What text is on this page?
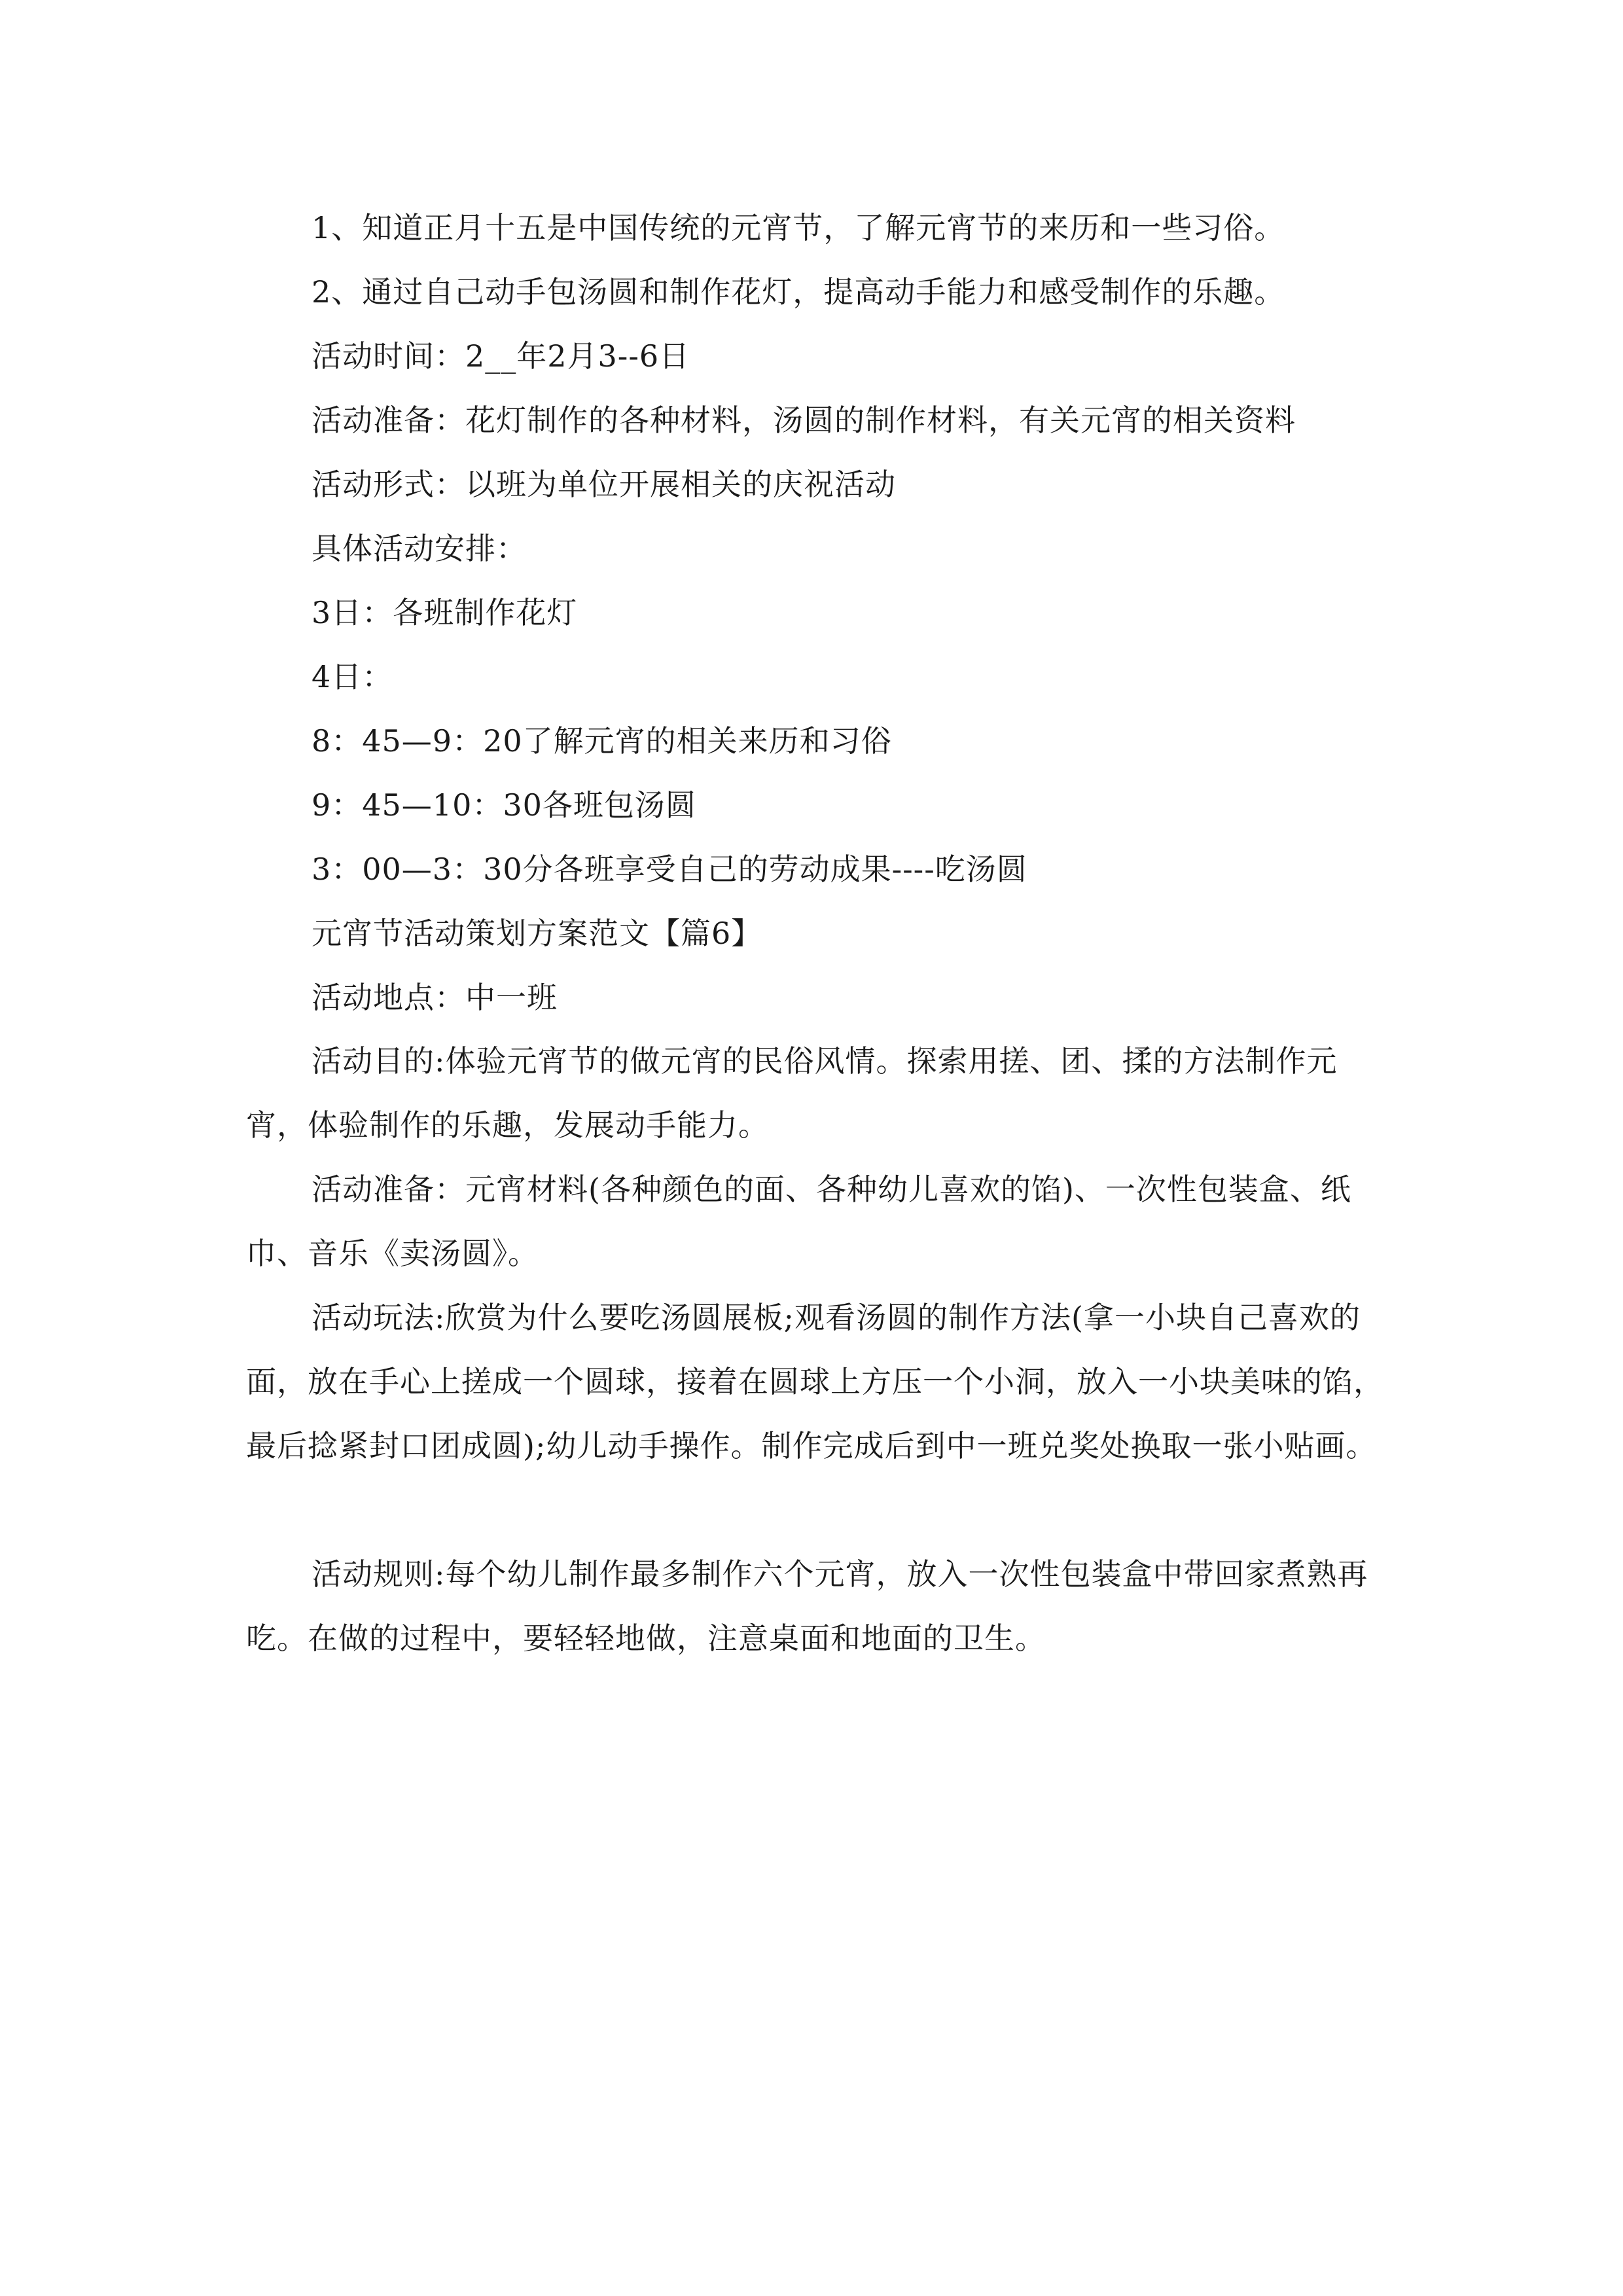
1、知道正月十五是中国传统的元宵节，了解元宵节的来历和一些习俗。
2、通过自己动手包汤圆和制作花灯，提高动手能力和感受制作的乐趣。
活动时间：2__年2月3--6日
活动准备：花灯制作的各种材料，汤圆的制作材料，有关元宵的相关资料
活动形式：以班为单位开展相关的庆祝活动
具体活动安排：
3日：各班制作花灯
4日：
8：45—9：20了解元宵的相关来历和习俗
9：45—10：30各班包汤圆
3：00—3：30分各班享受自己的劳动成果----吃汤圆
元宵节活动策划方案范文【篇6】
活动地点：中一班
活动目的:体验元宵节的做元宵的民俗风情。探索用搓、团、揉的方法制作元宵，体验制作的乐趣，发展动手能力。
活动准备：元宵材料(各种颜色的面、各种幼儿喜欢的馅)、一次性包装盒、纸巾、音乐《卖汤圆》。
活动玩法:欣赏为什么要吃汤圆展板;观看汤圆的制作方法(拿一小块自己喜欢的面，放在手心上搓成一个圆球，接着在圆球上方压一个小洞，放入一小块美味的馅，最后捻紧封口团成圆);幼儿动手操作。制作完成后到中一班兑奖处换取一张小贴画。
活动规则:每个幼儿制作最多制作六个元宵，放入一次性包装盒中带回家煮熟再吃。在做的过程中，要轻轻地做，注意桌面和地面的卫生。
